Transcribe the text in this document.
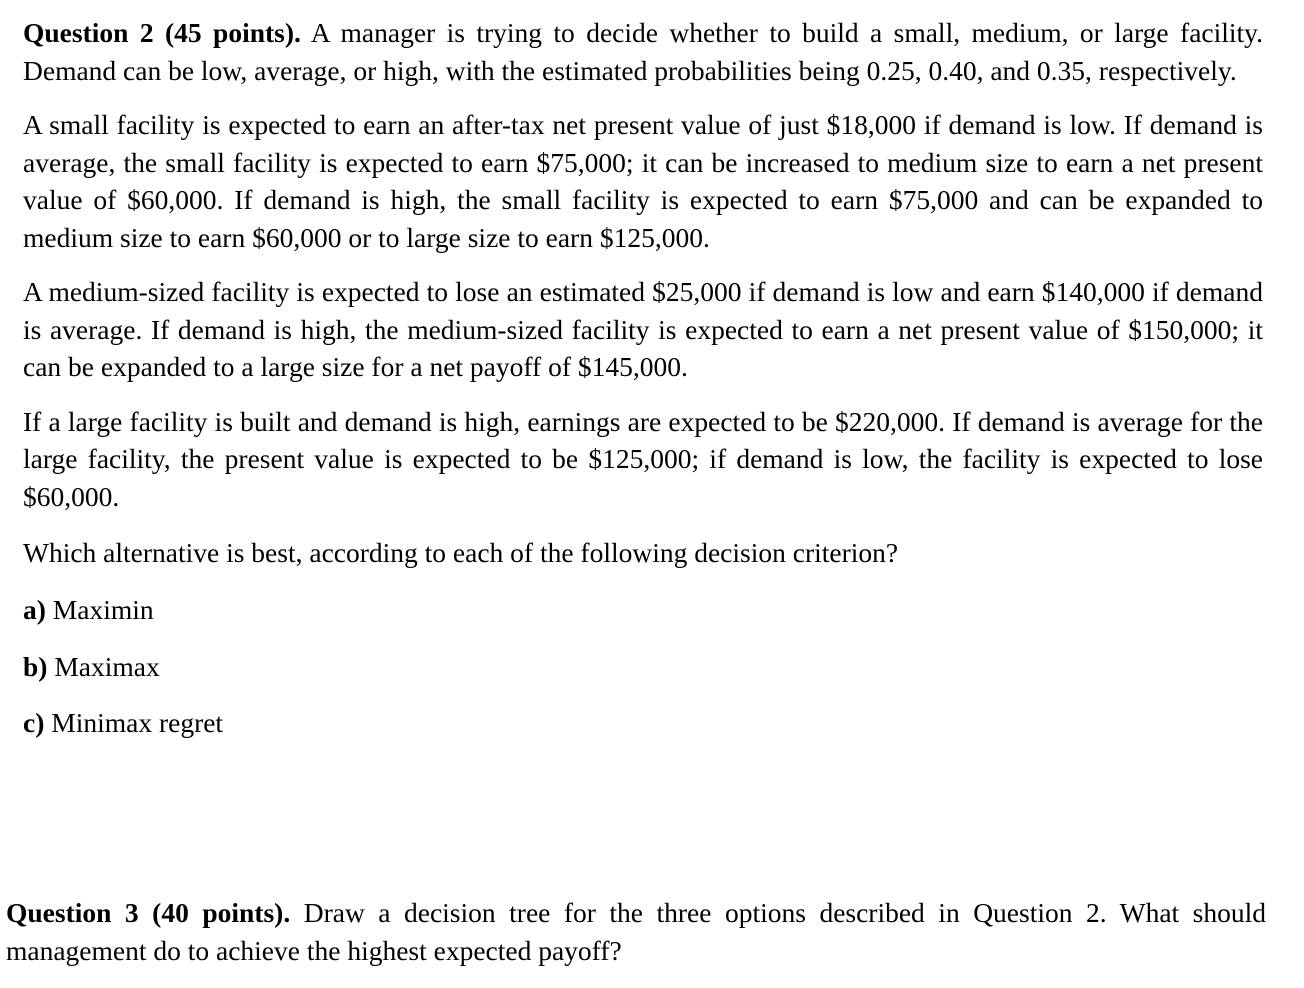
Question 2 (45 points). A manager is trying to decide whether to build a small, medium, or large facility. Demand can be low, average, or high, with the estimated probabilities being 0.25, 0.40, and 0.35, respectively.

A small facility is expected to earn an after-tax net present value of just $18,000 if demand is low. If demand is average, the small facility is expected to earn $75,000; it can be increased to medium size to earn a net present value of $60,000. If demand is high, the small facility is expected to earn $75,000 and can be expanded to medium size to earn $60,000 or to large size to earn $125,000.

A medium-sized facility is expected to lose an estimated $25,000 if demand is low and earn $140,000 if demand is average. If demand is high, the medium-sized facility is expected to earn a net present value of $150,000; it can be expanded to a large size for a net payoff of $145,000.

If a large facility is built and demand is high, earnings are expected to be $220,000. If demand is average for the large facility, the present value is expected to be $125,000; if demand is low, the facility is expected to lose $60,000.

Which alternative is best, according to each of the following decision criterion?

a) Maximin

b) Maximax

c) Minimax regret

Question 3 (40 points). Draw a decision tree for the three options described in Question 2. What should management do to achieve the highest expected payoff?
